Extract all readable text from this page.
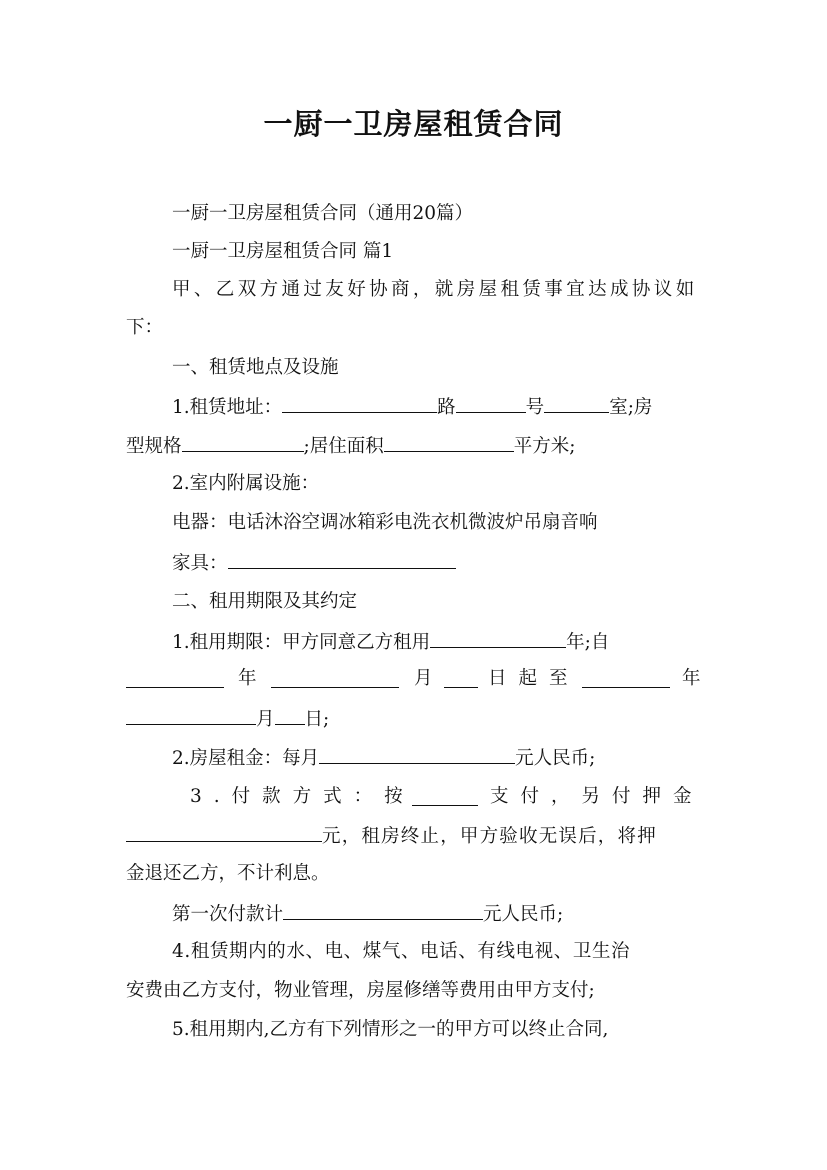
一厨一卫房屋租赁合同
一厨一卫房屋租赁合同（通用20篇）
一厨一卫房屋租赁合同 篇1
甲、乙双方通过友好协商，就房屋租赁事宜达成协议如
下：
一、租赁地点及设施
1.租赁地址：	路	号	室;房
型规格	;居住面积	平方米;
2.室内附属设施：
电器：电话沐浴空调冰箱彩电洗衣机微波炉吊扇音响
家具：
二、租用期限及其约定
1.租用期限：甲方同意乙方租用	年;自

年

	月

	日起至

	年

月 日;
2.房屋租金：每月	元人民币;

3.付款方式：按

	支付，另付押金

元，租房终止，甲方验收无误后，将押
金退还乙方，不计利息。
第一次付款计	元人民币;
4.租赁期内的水、电、煤气、电话、有线电视、卫生治
安费由乙方支付，物业管理，房屋修缮等费用由甲方支付;
5.租用期内,乙方有下列情形之一的甲方可以终止合同,
